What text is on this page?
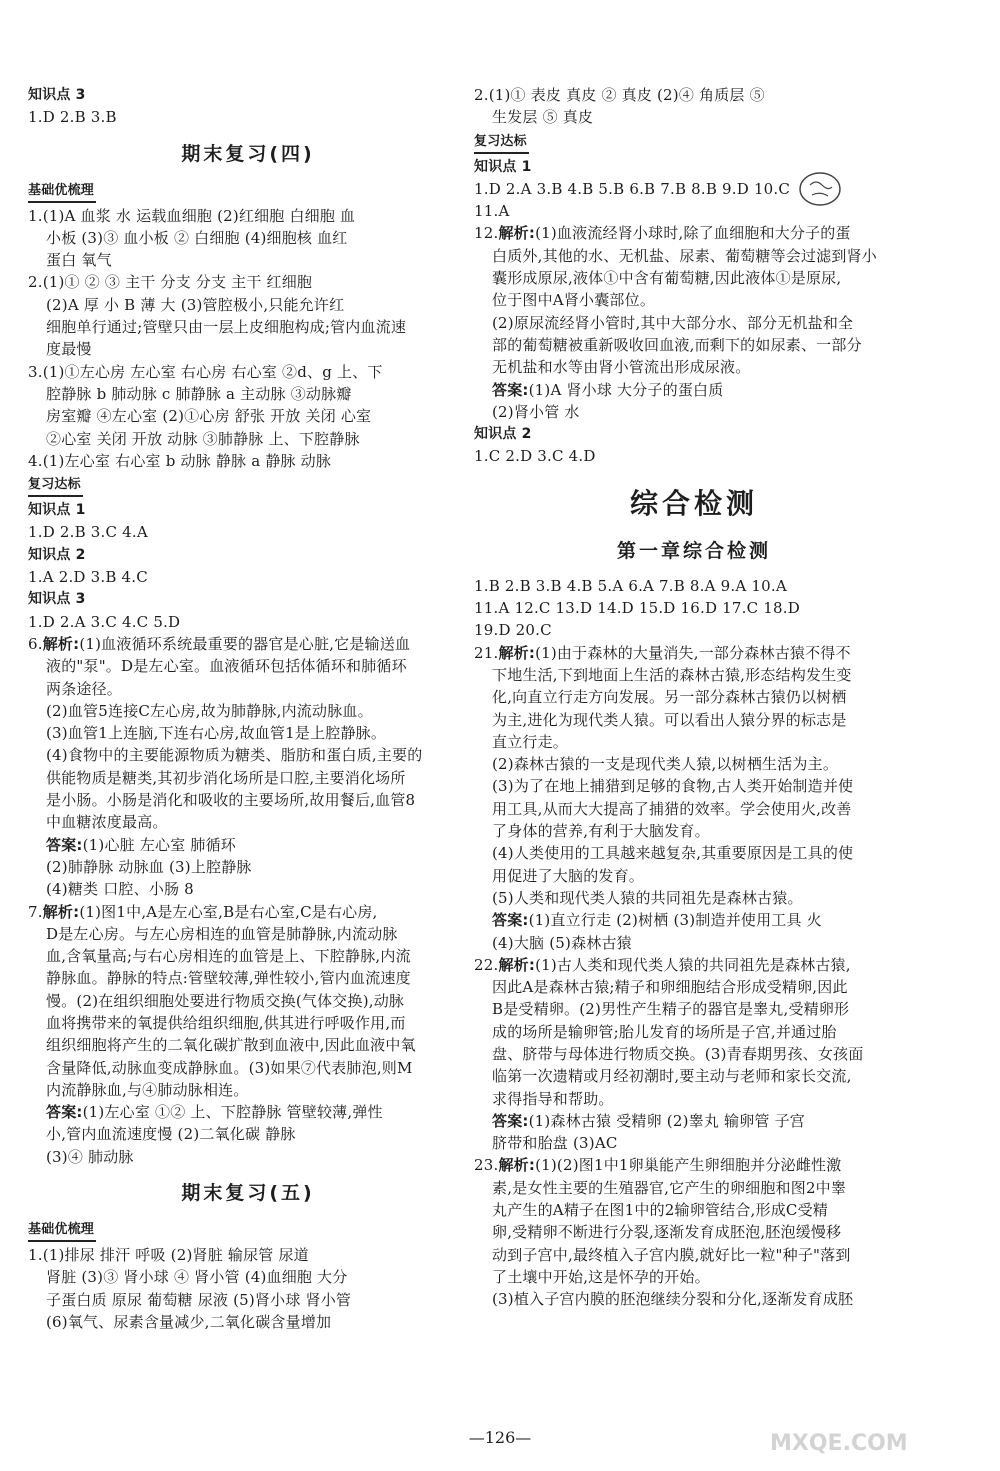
知识点 3
1.D 2.B 3.B
期末复习(四)
基础优梳理
1.(1)A 血浆 水 运载血细胞 (2)红细胞 白细胞 血
小板 (3)③ 血小板 ② 白细胞 (4)细胞核 血红
蛋白 氧气
2.(1)① ② ③ 主干 分支 分支 主干 红细胞
(2)A 厚 小 B 薄 大 (3)管腔极小,只能允许红
细胞单行通过;管壁只由一层上皮细胞构成;管内血流速
度最慢
3.(1)①左心房 左心室 右心房 右心室 ②d、g 上、下
腔静脉 b 肺动脉 c 肺静脉 a 主动脉 ③动脉瓣
房室瓣 ④左心室 (2)①心房 舒张 开放 关闭 心室
②心室 关闭 开放 动脉 ③肺静脉 上、下腔静脉
4.(1)左心室 右心室 b 动脉 静脉 a 静脉 动脉
复习达标
知识点 1
1.D 2.B 3.C 4.A
知识点 2
1.A 2.D 3.B 4.C
知识点 3
1.D 2.A 3.C 4.C 5.D
6.解析:(1)血液循环系统最重要的器官是心脏,它是输送血
液的"泵"。D是左心室。血液循环包括体循环和肺循环
两条途径。
(2)血管5连接C左心房,故为肺静脉,内流动脉血。
(3)血管1上连脑,下连右心房,故血管1是上腔静脉。
(4)食物中的主要能源物质为糖类、脂肪和蛋白质,主要的
供能物质是糖类,其初步消化场所是口腔,主要消化场所
是小肠。小肠是消化和吸收的主要场所,故用餐后,血管8
中血糖浓度最高。
答案:(1)心脏 左心室 肺循环
(2)肺静脉 动脉血 (3)上腔静脉
(4)糖类 口腔、小肠 8
7.解析:(1)图1中,A是左心室,B是右心室,C是右心房,
D是左心房。与左心房相连的血管是肺静脉,内流动脉
血,含氧量高;与右心房相连的血管是上、下腔静脉,内流
静脉血。静脉的特点:管壁较薄,弹性较小,管内血流速度
慢。(2)在组织细胞处要进行物质交换(气体交换),动脉
血将携带来的氧提供给组织细胞,供其进行呼吸作用,而
组织细胞将产生的二氧化碳扩散到血液中,因此血液中氧
含量降低,动脉血变成静脉血。(3)如果⑦代表肺泡,则M
内流静脉血,与④肺动脉相连。
答案:(1)左心室 ①② 上、下腔静脉 管壁较薄,弹性
小,管内血流速度慢 (2)二氧化碳 静脉
(3)④ 肺动脉
期末复习(五)
基础优梳理
1.(1)排尿 排汗 呼吸 (2)肾脏 输尿管 尿道
肾脏 (3)③ 肾小球 ④ 肾小管 (4)血细胞 大分
子蛋白质 原尿 葡萄糖 尿液 (5)肾小球 肾小管
(6)氧气、尿素含量减少,二氧化碳含量增加
2.(1)① 表皮 真皮 ② 真皮 (2)④ 角质层 ⑤
生发层 ⑤ 真皮
复习达标
知识点 1
1.D 2.A 3.B 4.B 5.B 6.B 7.B 8.B 9.D 10.C
11.A
12.解析:(1)血液流经肾小球时,除了血细胞和大分子的蛋
白质外,其他的水、无机盐、尿素、葡萄糖等会过滤到肾小
囊形成原尿,液体①中含有葡萄糖,因此液体①是原尿,
位于图中A肾小囊部位。
(2)原尿流经肾小管时,其中大部分水、部分无机盐和全
部的葡萄糖被重新吸收回血液,而剩下的如尿素、一部分
无机盐和水等由肾小管流出形成尿液。
答案:(1)A 肾小球 大分子的蛋白质
(2)肾小管 水
知识点 2
1.C 2.D 3.C 4.D
综合检测
第一章综合检测
1.B 2.B 3.B 4.B 5.A 6.A 7.B 8.A 9.A 10.A
11.A 12.C 13.D 14.D 15.D 16.D 17.C 18.D
19.D 20.C
21.解析:(1)由于森林的大量消失,一部分森林古猿不得不
下地生活,下到地面上生活的森林古猿,形态结构发生变
化,向直立行走方向发展。另一部分森林古猿仍以树栖
为主,进化为现代类人猿。可以看出人猿分界的标志是
直立行走。
(2)森林古猿的一支是现代类人猿,以树栖生活为主。
(3)为了在地上捕猎到足够的食物,古人类开始制造并使
用工具,从而大大提高了捕猎的效率。学会使用火,改善
了身体的营养,有利于大脑发育。
(4)人类使用的工具越来越复杂,其重要原因是工具的使
用促进了大脑的发育。
(5)人类和现代类人猿的共同祖先是森林古猿。
答案:(1)直立行走 (2)树栖 (3)制造并使用工具 火
(4)大脑 (5)森林古猿
22.解析:(1)古人类和现代类人猿的共同祖先是森林古猿,
因此A是森林古猿;精子和卵细胞结合形成受精卵,因此
B是受精卵。(2)男性产生精子的器官是睾丸,受精卵形
成的场所是输卵管;胎儿发育的场所是子宫,并通过胎
盘、脐带与母体进行物质交换。(3)青春期男孩、女孩面
临第一次遗精或月经初潮时,要主动与老师和家长交流,
求得指导和帮助。
答案:(1)森林古猿 受精卵 (2)睾丸 输卵管 子宫
脐带和胎盘 (3)AC
23.解析:(1)(2)图1中1卵巢能产生卵细胞并分泌雌性激
素,是女性主要的生殖器官,它产生的卵细胞和图2中睾
丸产生的A精子在图1中的2输卵管结合,形成C受精
卵,受精卵不断进行分裂,逐渐发育成胚泡,胚泡缓慢移
动到子宫中,最终植入子宫内膜,就好比一粒"种子"落到
了土壤中开始,这是怀孕的开始。
(3)植入子宫内膜的胚泡继续分裂和分化,逐渐发育成胚
—126—	MXQE.COM
